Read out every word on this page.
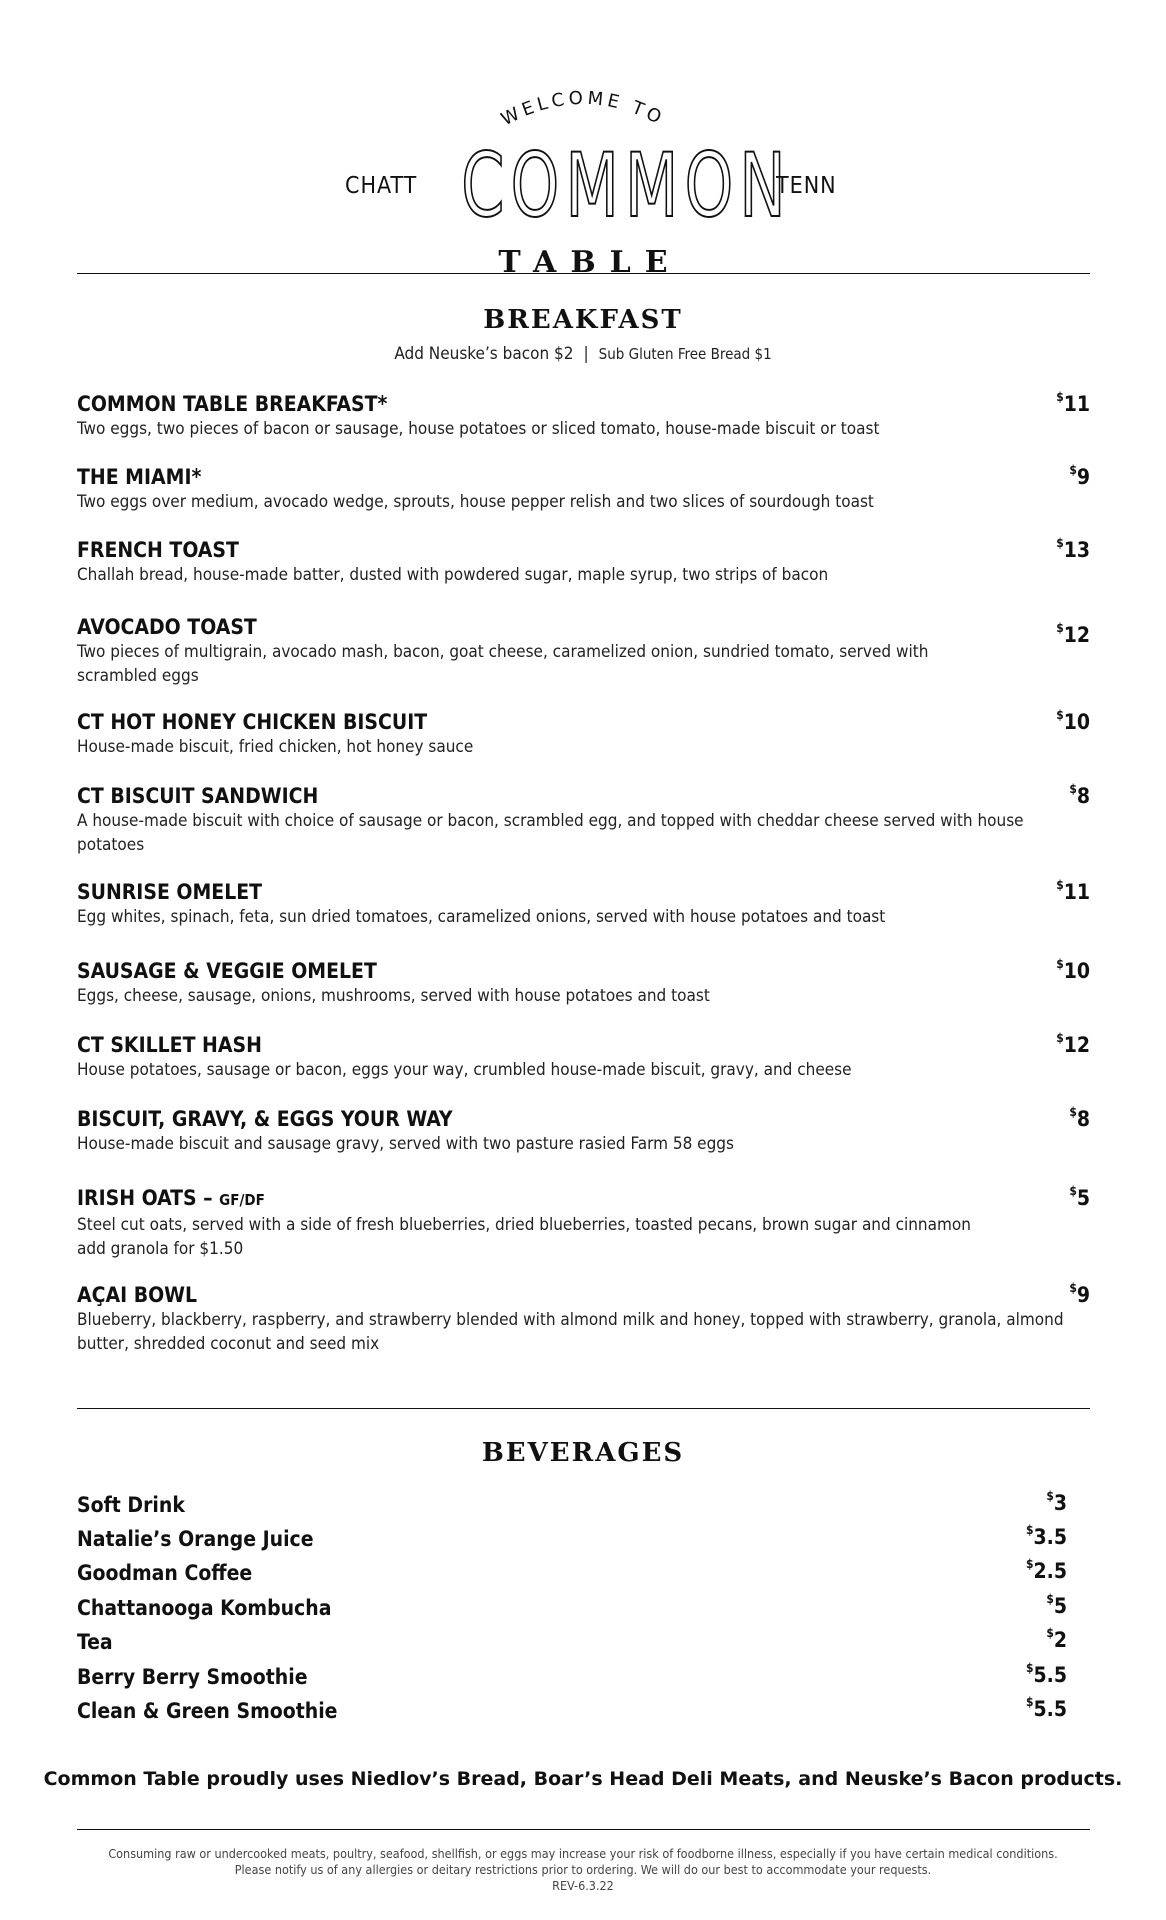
WELCOME TO
CHATT COMMON
TENN
TABLE
BREAKFAST
Add Neuske’s bacon $2 | Sub Gluten Free Bread $1
COMMON TABLE BREAKFAST*
Two eggs, two pieces of bacon or sausage, house potatoes or sliced tomato, house-made biscuit or toast
$11
THE MIAMI*
Two eggs over medium, avocado wedge, sprouts, house pepper relish and two slices of sourdough toast
$9
FRENCH TOAST
Challah bread, house-made batter, dusted with powdered sugar, maple syrup, two strips of bacon
$13
AVOCADO TOAST
Two pieces of multigrain, avocado mash, bacon, goat cheese, caramelized onion, sundried tomato, served with scrambled eggs
$12
CT HOT HONEY CHICKEN BISCUIT
House-made biscuit, fried chicken, hot honey sauce
$10
CT BISCUIT SANDWICH
A house-made biscuit with choice of sausage or bacon, scrambled egg, and topped with cheddar cheese served with house potatoes
$8
SUNRISE OMELET
Egg whites, spinach, feta, sun dried tomatoes, caramelized onions, served with house potatoes and toast
$11
SAUSAGE & VEGGIE OMELET
Eggs, cheese, sausage, onions, mushrooms, served with house potatoes and toast
$10
CT SKILLET HASH
House potatoes, sausage or bacon, eggs your way, crumbled house-made biscuit, gravy, and cheese
$12
BISCUIT, GRAVY, & EGGS YOUR WAY
House-made biscuit and sausage gravy, served with two pasture rasied Farm 58 eggs
$8
IRISH OATS – GF/DF
Steel cut oats, served with a side of fresh blueberries, dried blueberries, toasted pecans, brown sugar and cinnamon
add granola for $1.50
$5
AÇAI BOWL
Blueberry, blackberry, raspberry, and strawberry blended with almond milk and honey, topped with strawberry, granola, almond butter, shredded coconut and seed mix
$9
BEVERAGES
Soft Drink	$3
Natalie’s Orange Juice	$3.5
Goodman Coffee	$2.5
Chattanooga Kombucha	$5
Tea	$2
Berry Berry Smoothie	$5.5
Clean & Green Smoothie	$5.5
Common Table proudly uses Niedlov’s Bread, Boar’s Head Deli Meats, and Neuske’s Bacon products.
Consuming raw or undercooked meats, poultry, seafood, shellfish, or eggs may increase your risk of foodborne illness, especially if you have certain medical conditions.
Please notify us of any allergies or deitary restrictions prior to ordering. We will do our best to accommodate your requests.
REV-6.3.22
